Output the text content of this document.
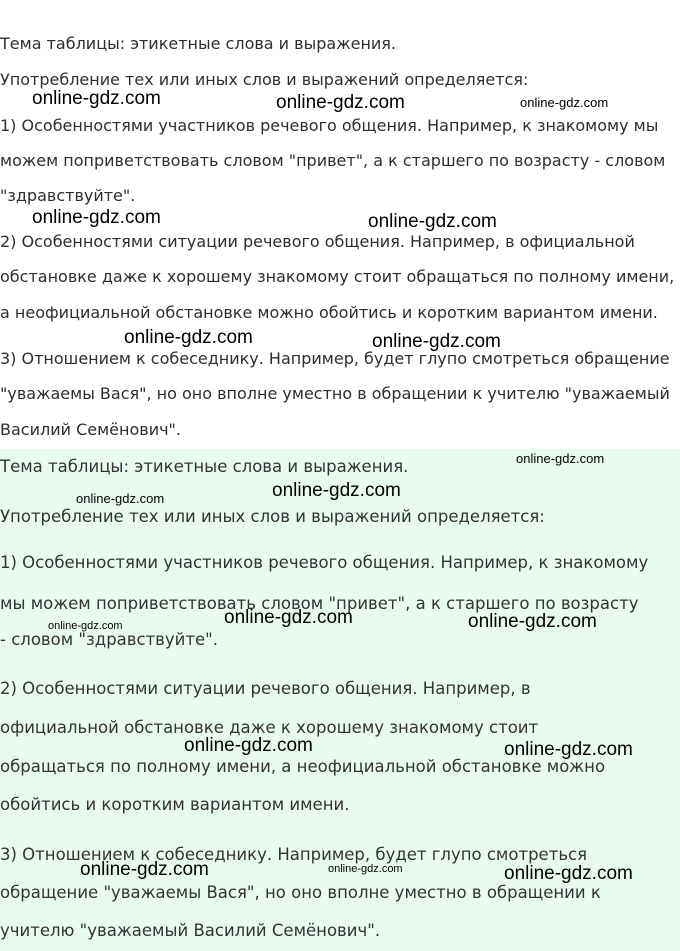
Тема таблицы: этикетные слова и выражения.
Употребление тех или иных слов и выражений определяется:
1) Особенностями участников речевого общения. Например, к знакомому мы
можем поприветствовать словом "привет", а к старшего по возрасту - словом
"здравствуйте".
2) Особенностями ситуации речевого общения. Например, в официальной
обстановке даже к хорошему знакомому стоит обращаться по полному имени,
а неофициальной обстановке можно обойтись и коротким вариантом имени.
3) Отношением к собеседнику. Например, будет глупо смотреться обращение
"уважаемы Вася", но оно вполне уместно в обращении к учителю "уважаемый
Василий Семёнович".
Тема таблицы: этикетные слова и выражения.
Употребление тех или иных слов и выражений определяется:
1) Особенностями участников речевого общения. Например, к знакомому
мы можем поприветствовать словом "привет", а к старшего по возрасту
- словом "здравствуйте".
2) Особенностями ситуации речевого общения. Например, в
официальной обстановке даже к хорошему знакомому стоит
обращаться по полному имени, а неофициальной обстановке можно
обойтись и коротким вариантом имени.
3) Отношением к собеседнику. Например, будет глупо смотреться
обращение "уважаемы Вася", но оно вполне уместно в обращении к
учителю "уважаемый Василий Семёнович".
online-gdz.com	online-gdz.com	online-gdz.com
online-gdz.com	online-gdz.com
online-gdz.com	online-gdz.com
online-gdz.com
online-gdz.com
online-gdz.com
online-gdz.com	online-gdz.com
online-gdz.com
online-gdz.com	online-gdz.com
online-gdz.com	online-gdz.com	online-gdz.com
